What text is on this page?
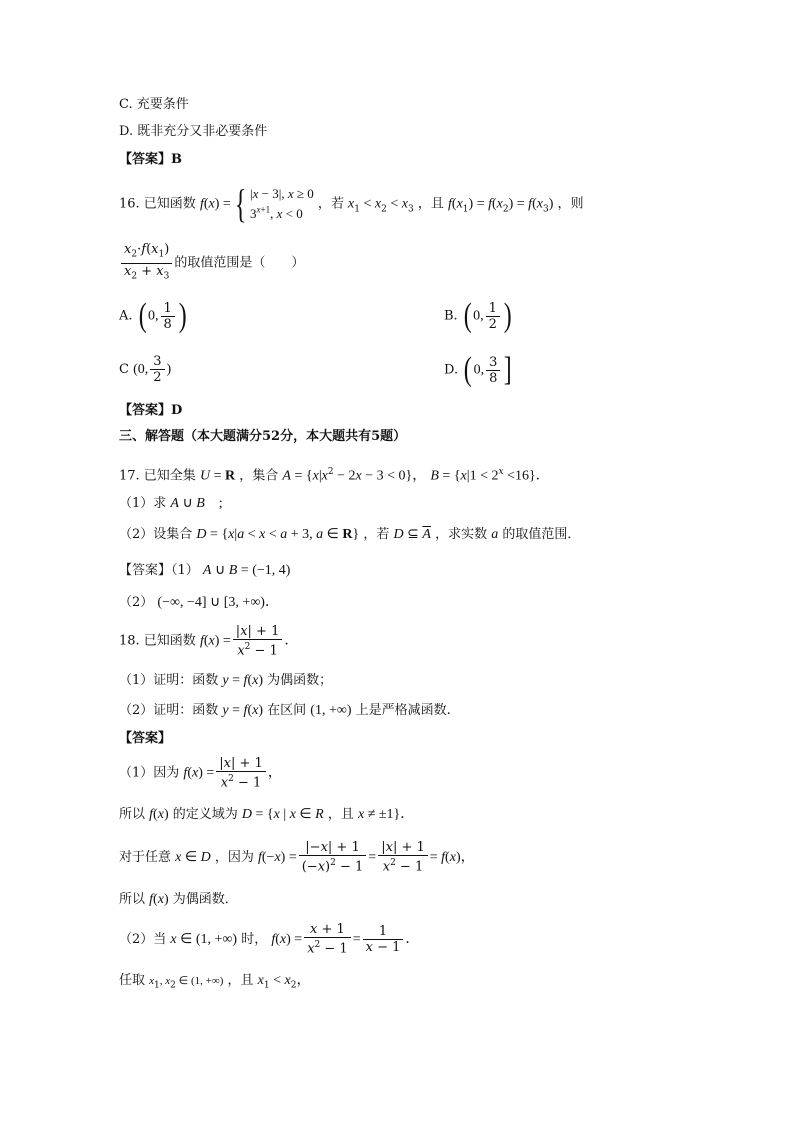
C. 充要条件
D. 既非充分又非必要条件
【答案】B
16. 已知函数 f(x) ={ |x − 3|, x ≥ 0
$3^{x+1}$, x < 0 ，若 $x_1 < x_2 < x_3$ ，且 $f(x_1) = f(x_2) = f(x_3)$ ，则
$\frac{x_2\cdot f(x_1)}{x_2 + x_3}$ 的取值范围是（　　）
A. ( 0, $\frac{1}{8}$ )	B. ( 0, $\frac{1}{2}$ )
C (0, $\frac{3}{2}$ )	D. ( 0, $\frac{3}{8}$ ]
【答案】D
三、解答题（本大题满分52分，本大题共有5题）
17. 已知全集 U = R ，集合 $A = \{x|x^2 - 2x - 3 < 0\}$， $B = \{x|1 < 2^x <16\}$．
（1）求 A ∪ B　;
（2）设集合 D = {x|a < x < a + 3, a ∈ R} ，若 D ⊆ $\overline{A}$ ，求实数 a 的取值范围．
【答案】（1） A ∪ B = (−1, 4)
（2） (−∞, −4] ∪ [3, +∞)．
18. 已知函数 $f(x) = \frac{|x| + 1}{x^2 - 1}$ ．
（1）证明：函数 y = f(x) 为偶函数；
（2）证明：函数 y = f(x) 在区间 (1, +∞) 上是严格减函数.
【答案】
（1）因为 $f(x) = \frac{|x| + 1}{x^2 - 1}$ ，
所以 f(x) 的定义域为 D = {x | x ∈ R ，且 x ≠ ±1}．
对于任意 x ∈ D ，因为 $f(-x) = \frac{|-x| + 1}{(-x)^2 - 1} = \frac{|x| + 1}{x^2 - 1} = f(x)$，
所以 f(x) 为偶函数．
（2）当 x ∈ (1, +∞) 时， $f(x) = \frac{x + 1}{x^2 - 1} = \frac{1}{x - 1}$ ．
任取 $x_1$, $x_2$ ∈ (1, +∞) ，且 $x_1 < x_2$，
